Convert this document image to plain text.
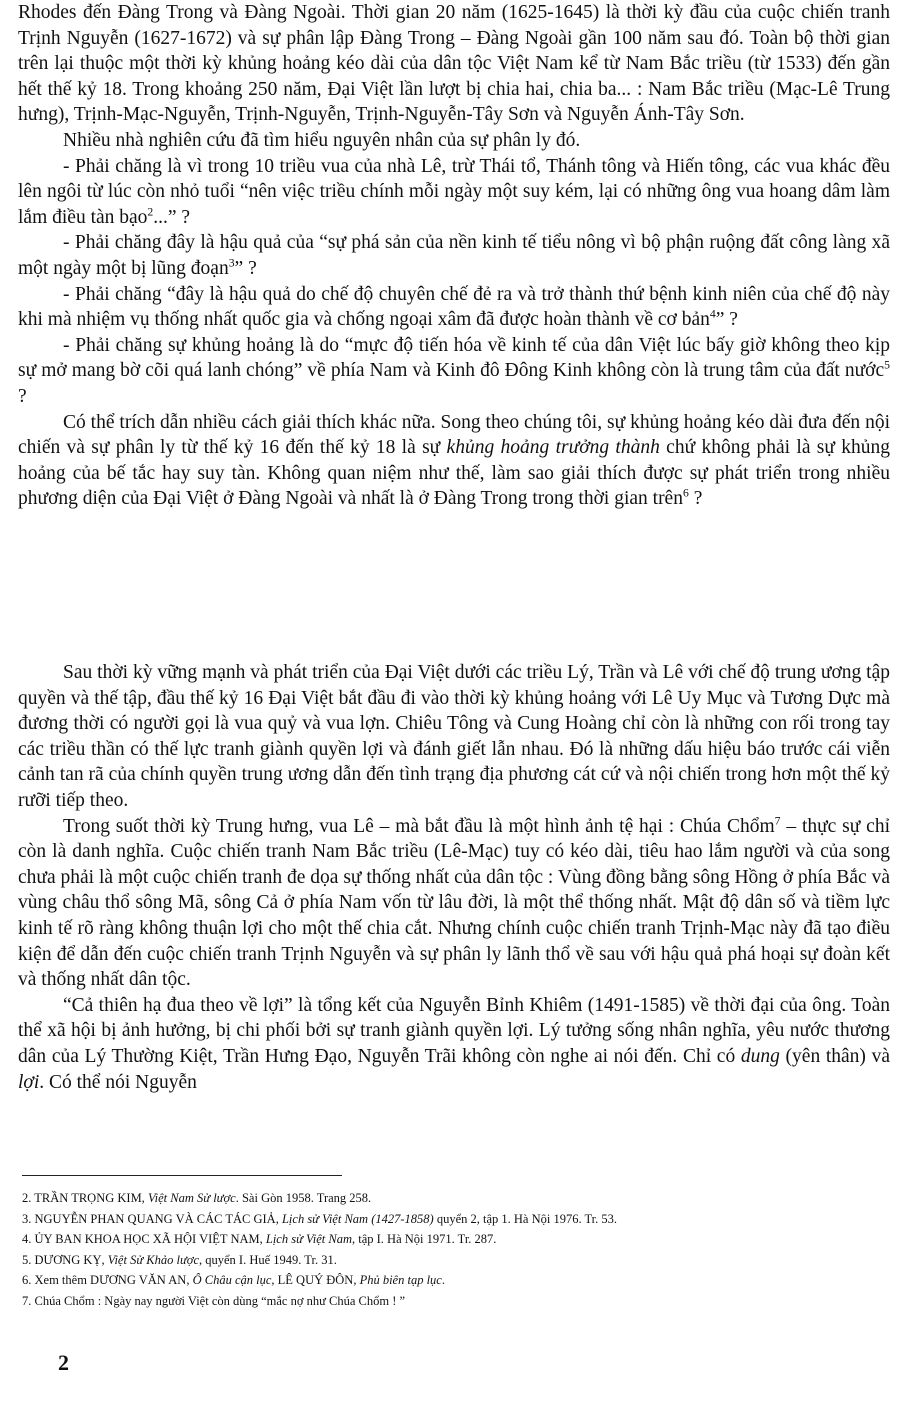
Rhodes đến Đàng Trong và Đàng Ngoài. Thời gian 20 năm (1625-1645) là thời kỳ đầu của cuộc chiến tranh Trịnh Nguyễn (1627-1672) và sự phân lập Đàng Trong – Đàng Ngoài gần 100 năm sau đó. Toàn bộ thời gian trên lại thuộc một thời kỳ khủng hoảng kéo dài của dân tộc Việt Nam kể từ Nam Bắc triều (từ 1533) đến gần hết thế kỷ 18. Trong khoảng 250 năm, Đại Việt lần lượt bị chia hai, chia ba... : Nam Bắc triều (Mạc-Lê Trung hưng), Trịnh-Mạc-Nguyễn, Trịnh-Nguyễn, Trịnh-Nguyễn-Tây Sơn và Nguyễn Ánh-Tây Sơn.

Nhiều nhà nghiên cứu đã tìm hiểu nguyên nhân của sự phân ly đó.

- Phải chăng là vì trong 10 triều vua của nhà Lê, trừ Thái tổ, Thánh tông và Hiến tông, các vua khác đều lên ngôi từ lúc còn nhỏ tuổi “nên việc triều chính mỗi ngày một suy kém, lại có những ông vua hoang dâm làm lắm điều tàn bạo$^2$...” ?

- Phải chăng đây là hậu quả của “sự phá sản của nền kinh tế tiểu nông vì bộ phận ruộng đất công làng xã một ngày một bị lũng đoạn$^3$” ?

- Phải chăng “đây là hậu quả do chế độ chuyên chế đẻ ra và trở thành thứ bệnh kinh niên của chế độ này khi mà nhiệm vụ thống nhất quốc gia và chống ngoại xâm đã được hoàn thành về cơ bản$^4$” ?

- Phải chăng sự khủng hoảng là do “mực độ tiến hóa về kinh tế của dân Việt lúc bấy giờ không theo kịp sự mở mang bờ cõi quá lanh chóng” về phía Nam và Kinh đô Đông Kinh không còn là trung tâm của đất nước$^5$ ?

Có thể trích dẫn nhiều cách giải thích khác nữa. Song theo chúng tôi, sự khủng hoảng kéo dài đưa đến nội chiến và sự phân ly từ thế kỷ 16 đến thế kỷ 18 là sự khủng hoảng trưởng thành chứ không phải là sự khủng hoảng của bế tắc hay suy tàn. Không quan niệm như thế, làm sao giải thích được sự phát triển trong nhiều phương diện của Đại Việt ở Đàng Ngoài và nhất là ở Đàng Trong trong thời gian trên$^6$ ?

Sau thời kỳ vững mạnh và phát triển của Đại Việt dưới các triều Lý, Trần và Lê với chế độ trung ương tập quyền và thế tập, đầu thế kỷ 16 Đại Việt bắt đầu đi vào thời kỳ khủng hoảng với Lê Uy Mục và Tương Dực mà đương thời có người gọi là vua quỷ và vua lợn. Chiêu Tông và Cung Hoàng chỉ còn là những con rối trong tay các triều thần có thế lực tranh giành quyền lợi và đánh giết lẫn nhau. Đó là những dấu hiệu báo trước cái viễn cảnh tan rã của chính quyền trung ương dẫn đến tình trạng địa phương cát cứ và nội chiến trong hơn một thế kỷ rưỡi tiếp theo.

Trong suốt thời kỳ Trung hưng, vua Lê – mà bắt đầu là một hình ảnh tệ hại : Chúa Chổm$^7$ – thực sự chỉ còn là danh nghĩa. Cuộc chiến tranh Nam Bắc triều (Lê-Mạc) tuy có kéo dài, tiêu hao lắm người và của song chưa phải là một cuộc chiến tranh đe dọa sự thống nhất của dân tộc : Vùng đồng bằng sông Hồng ở phía Bắc và vùng châu thổ sông Mã, sông Cả ở phía Nam vốn từ lâu đời, là một thể thống nhất. Mật độ dân số và tiềm lực kinh tế rõ ràng không thuận lợi cho một thế chia cắt. Nhưng chính cuộc chiến tranh Trịnh-Mạc này đã tạo điều kiện để dẫn đến cuộc chiến tranh Trịnh Nguyễn và sự phân ly lãnh thổ về sau với hậu quả phá hoại sự đoàn kết và thống nhất dân tộc.

“Cả thiên hạ đua theo về lợi” là tổng kết của Nguyễn Bỉnh Khiêm (1491-1585) về thời đại của ông. Toàn thể xã hội bị ảnh hưởng, bị chi phối bởi sự tranh giành quyền lợi. Lý tưởng sống nhân nghĩa, yêu nước thương dân của Lý Thường Kiệt, Trần Hưng Đạo, Nguyễn Trãi không còn nghe ai nói đến. Chỉ có dung (yên thân) và lợi. Có thể nói Nguyễn

2. TRẦN TRỌNG KIM, Việt Nam Sử lược. Sài Gòn 1958. Trang 258.
3. NGUYỄN PHAN QUANG VÀ CÁC TÁC GIẢ, Lịch sử Việt Nam (1427-1858) quyển 2, tập 1. Hà Nội 1976. Tr. 53.
4. ỦY BAN KHOA HỌC XÃ HỘI VIỆT NAM, Lịch sử Việt Nam, tập I. Hà Nội 1971. Tr. 287.
5. DƯƠNG KỴ, Việt Sử Khảo lược, quyển I. Huế 1949. Tr. 31.
6. Xem thêm DƯƠNG VĂN AN, Ô Châu cận lục, LÊ QUÝ ĐÔN, Phủ biên tạp lục.
7. Chúa Chổm : Ngày nay người Việt còn dùng “mắc nợ như Chúa Chổm ! ”
2
